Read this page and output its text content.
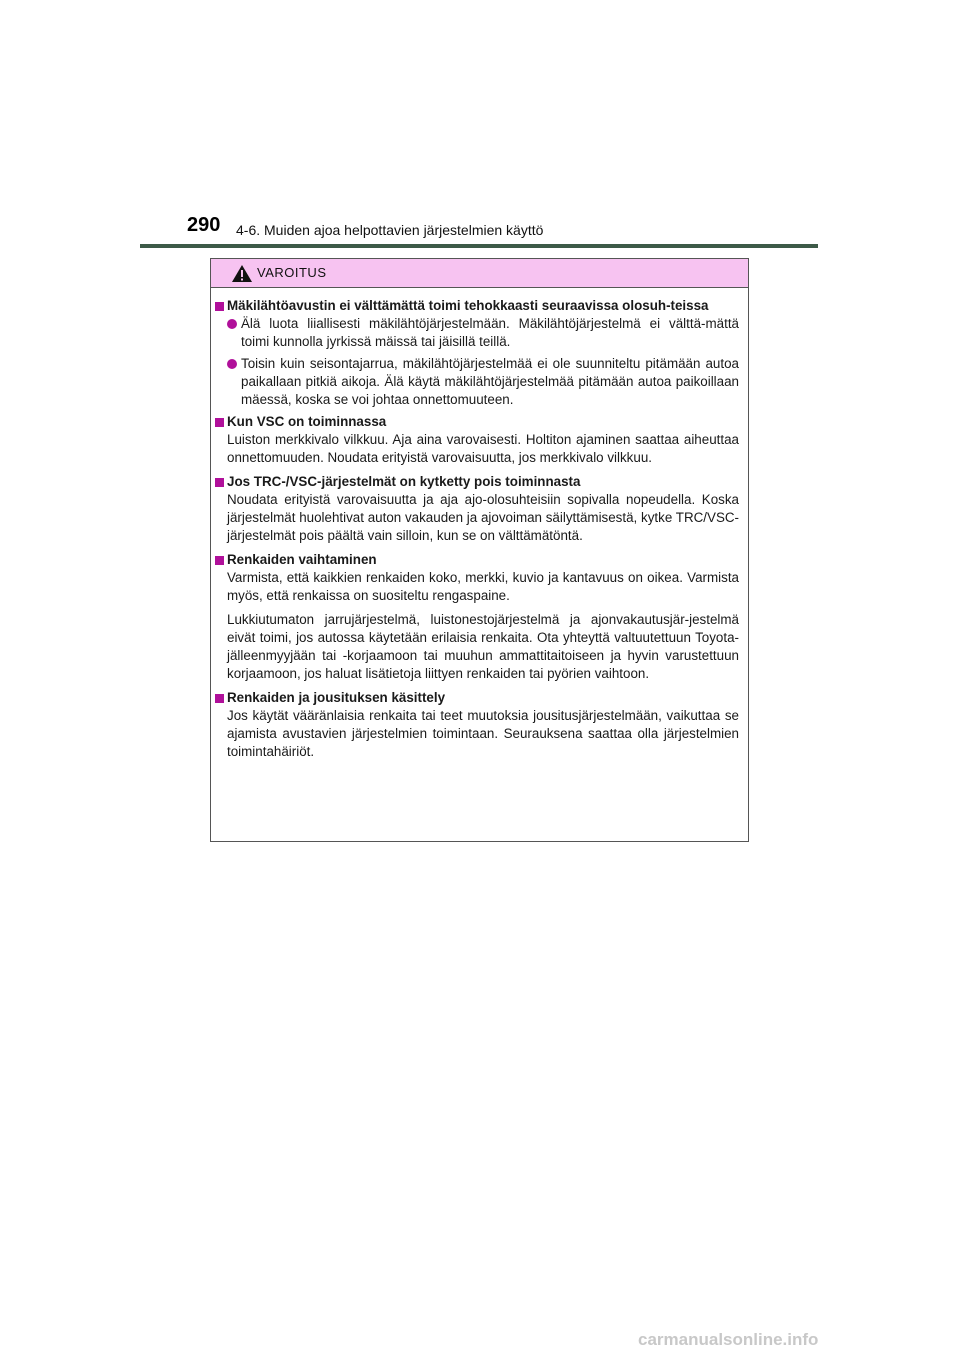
290 4-6. Muiden ajoa helpottavien järjestelmien käyttö
VAROITUS
Mäkilähtöavustin ei välttämättä toimi tehokkaasti seuraavissa olosuh-teissa
Älä luota liiallisesti mäkilähtöjärjestelmään. Mäkilähtöjärjestelmä ei välttä-mättä toimi kunnolla jyrkissä mäissä tai jäisillä teillä.
Toisin kuin seisontajarrua, mäkilähtöjärjestelmää ei ole suunniteltu pitämään autoa paikallaan pitkiä aikoja. Älä käytä mäkilähtöjärjestelmää pitämään autoa paikoillaan mäessä, koska se voi johtaa onnettomuuteen.
Kun VSC on toiminnassa

Luiston merkkivalo vilkkuu. Aja aina varovaisesti. Holtiton ajaminen saattaa aiheuttaa onnettomuuden. Noudata erityistä varovaisuutta, jos merkkivalo vilkkuu.

Jos TRC-/VSC-järjestelmät on kytketty pois toiminnasta

Noudata erityistä varovaisuutta ja aja ajo-olosuhteisiin sopivalla nopeudella. Koska järjestelmät huolehtivat auton vakauden ja ajovoiman säilyttämisestä, kytke TRC/VSC-järjestelmät pois päältä vain silloin, kun se on välttämätöntä.

Renkaiden vaihtaminen

Varmista, että kaikkien renkaiden koko, merkki, kuvio ja kantavuus on oikea. Varmista myös, että renkaissa on suositeltu rengaspaine.

Lukkiutumaton jarrujärjestelmä, luistonestojärjestelmä ja ajonvakautusjär-jestelmä eivät toimi, jos autossa käytetään erilaisia renkaita. Ota yhteyttä valtuutettuun Toyota-jälleenmyyjään tai -korjaamoon tai muuhun ammattitaitoiseen ja hyvin varustettuun korjaamoon, jos haluat lisätietoja liittyen renkaiden tai pyörien vaihtoon.

Renkaiden ja jousituksen käsittely

Jos käytät vääränlaisia renkaita tai teet muutoksia jousitusjärjestelmään, vaikuttaa se ajamista avustavien järjestelmien toimintaan. Seurauksena saattaa olla järjestelmien toimintahäiriöt.

carmanualsonline.info
